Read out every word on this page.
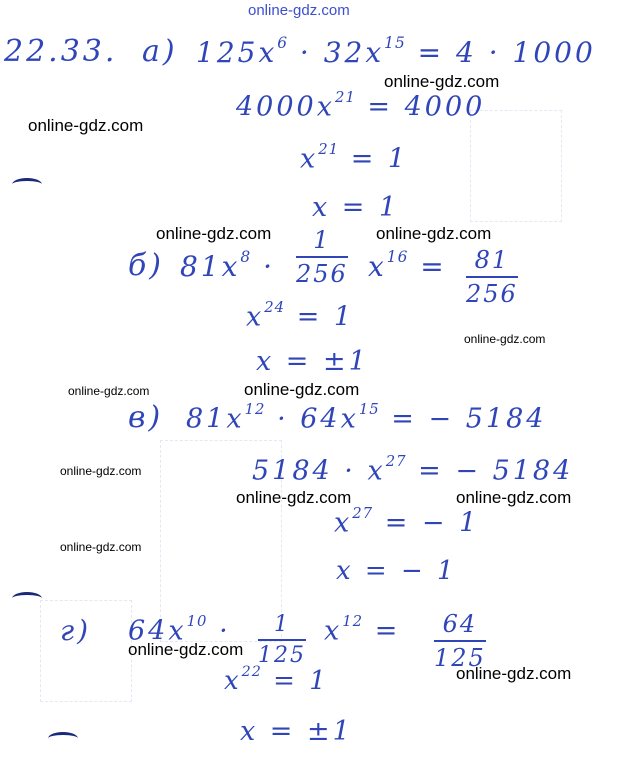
online-gdz.com
22.33. а) $125x^6 \cdot 32x^{15} = 4 \cdot 1000$
$4000x^{21} = 4000$
$x^{21} = 1$
x = 1
б) $81x^8$ ·
1
256 $x^{16} = 81$
256
$x^{24} = 1$
x = ±1
в) $81x^{12} \cdot 64x^{15}$ = − 5184
$5184 \cdot x^{27}$ = − 5184
$x^{27}$ = − 1
x = − 1
г) $64x^{10} \cdot 1$
125
$x^{12} = 64$
125
$x^{22} = 1$
x = ±1
online-gdz.com
online-gdz.com
online-gdz.com	online-gdz.com
online-gdz.com
online-gdz.com
online-gdz.com
online-gdz.com
online-gdz.com	online-gdz.com
online-gdz.com
online-gdz.com
online-gdz.com
